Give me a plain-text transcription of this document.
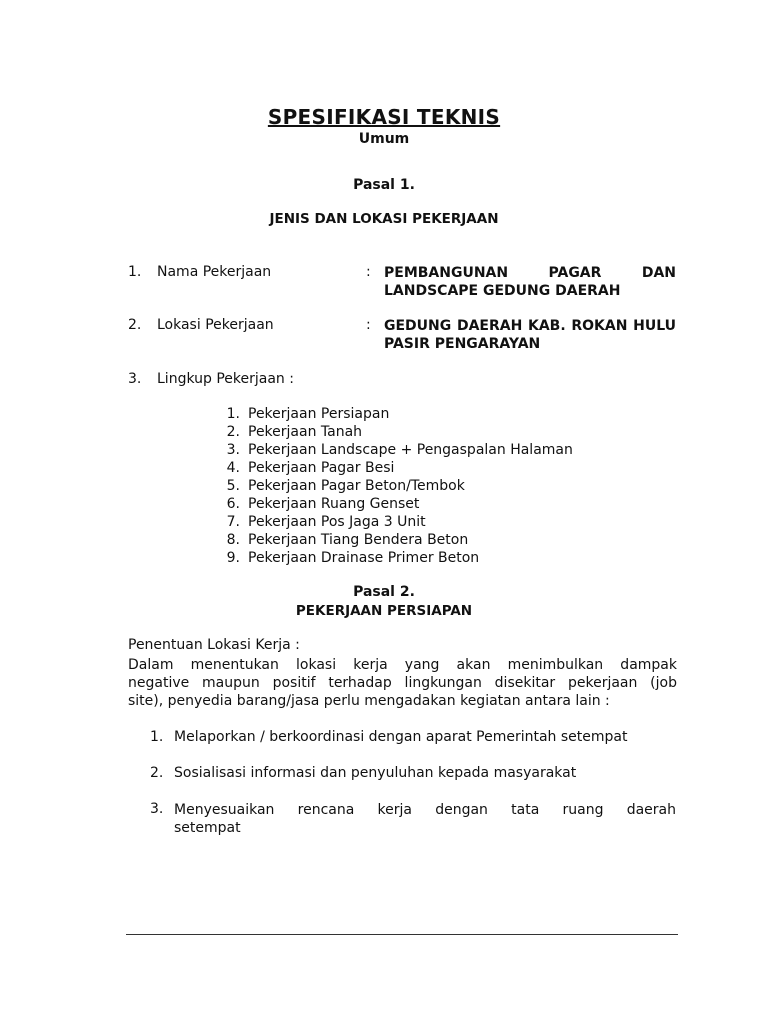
SPESIFIKASI TEKNIS
Umum
Pasal 1.
JENIS DAN LOKASI PEKERJAAN
1. Nama Pekerjaan	: PEMBANGUNAN PAGAR DAN
LANDSCAPE GEDUNG DAERAH
2. Lokasi Pekerjaan	: GEDUNG DAERAH KAB. ROKAN HULU
PASIR PENGARAYAN
3. Lingkup Pekerjaan :
1. Pekerjaan Persiapan
2. Pekerjaan Tanah
3. Pekerjaan Landscape + Pengaspalan Halaman
4. Pekerjaan Pagar Besi
5. Pekerjaan Pagar Beton/Tembok
6. Pekerjaan Ruang Genset
7. Pekerjaan Pos Jaga 3 Unit
8. Pekerjaan Tiang Bendera Beton
9. Pekerjaan Drainase Primer Beton
Pasal 2.
PEKERJAAN PERSIAPAN
Penentuan Lokasi Kerja :
Dalam menentukan lokasi kerja yang akan menimbulkan dampak
negative maupun positif terhadap lingkungan disekitar pekerjaan (job
site), penyedia barang/jasa perlu mengadakan kegiatan antara lain :
1. Melaporkan / berkoordinasi dengan aparat Pemerintah setempat
2. Sosialisasi informasi dan penyuluhan kepada masyarakat
3. Menyesuaikan rencana kerja dengan tata ruang daerah
setempat
